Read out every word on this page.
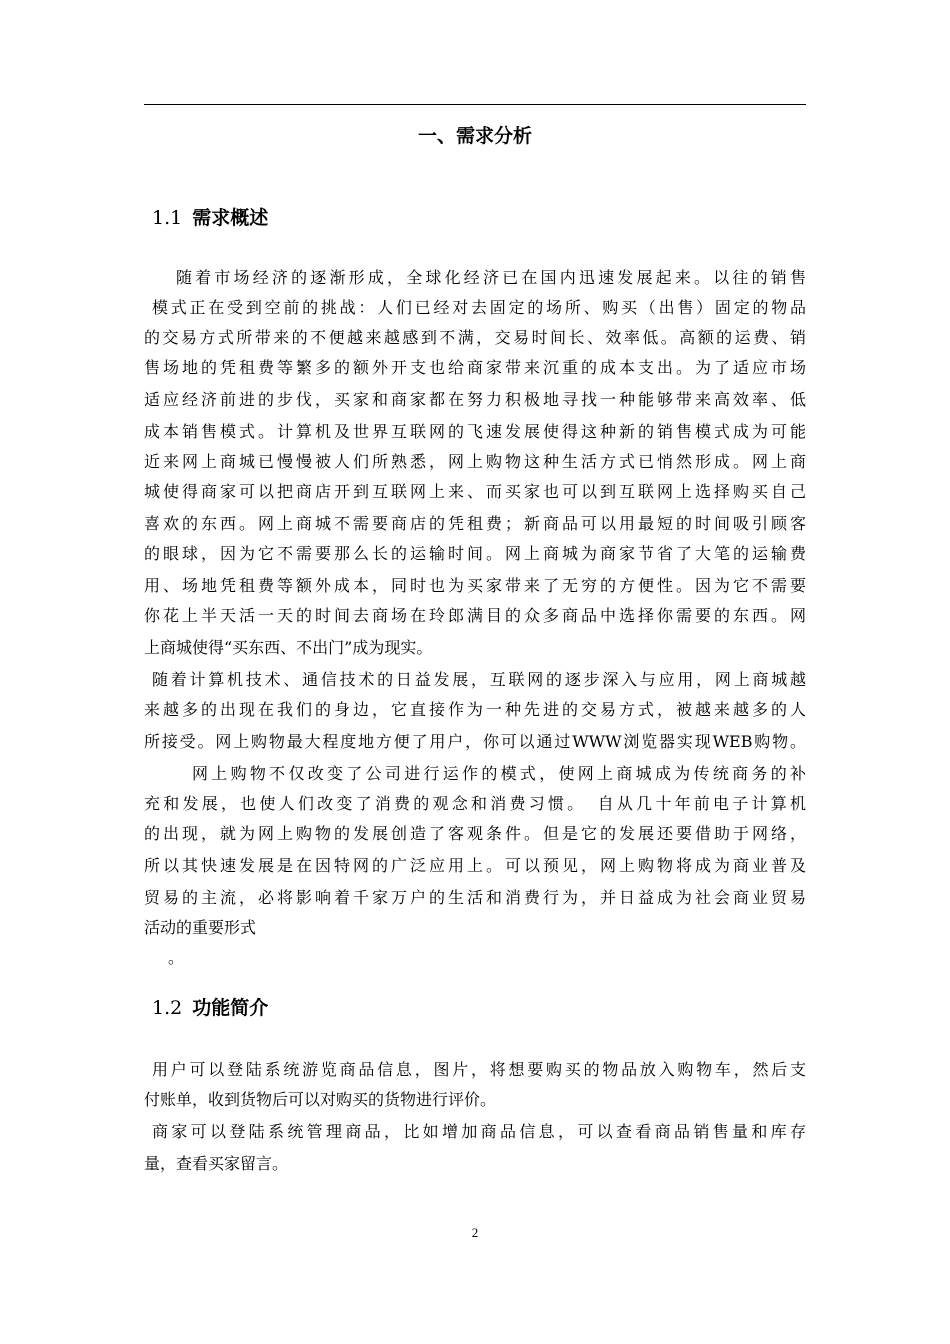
一、需求分析
1.1 需求概述
随着市场经济的逐渐形成，全球化经济已在国内迅速发展起来。以往的销售
模式正在受到空前的挑战：人们已经对去固定的场所、购买（出售）固定的物品
的交易方式所带来的不便越来越感到不满，交易时间长、效率低。高额的运费、销
售场地的凭租费等繁多的额外开支也给商家带来沉重的成本支出。为了适应市场
适应经济前进的步伐，买家和商家都在努力积极地寻找一种能够带来高效率、低
成本销售模式。计算机及世界互联网的飞速发展使得这种新的销售模式成为可能
近来网上商城已慢慢被人们所熟悉，网上购物这种生活方式已悄然形成。网上商
城使得商家可以把商店开到互联网上来、而买家也可以到互联网上选择购买自己
喜欢的东西。网上商城不需要商店的凭租费；新商品可以用最短的时间吸引顾客
的眼球，因为它不需要那么长的运输时间。网上商城为商家节省了大笔的运输费
用、场地凭租费等额外成本，同时也为买家带来了无穷的方便性。因为它不需要
你花上半天活一天的时间去商场在玲郎满目的众多商品中选择你需要的东西。网
上商城使得“买东西、不出门”成为现实。
随着计算机技术、通信技术的日益发展，互联网的逐步深入与应用，网上商城越
来越多的出现在我们的身边，它直接作为一种先进的交易方式，被越来越多的人
所接受。网上购物最大程度地方便了用户，你可以通过WWW浏览器实现WEB购物。
网上购物不仅改变了公司进行运作的模式，使网上商城成为传统商务的补
充和发展，也使人们改变了消费的观念和消费习惯。　自从几十年前电子计算机
的出现，就为网上购物的发展创造了客观条件。但是它的发展还要借助于网络，
所以其快速发展是在因特网的广泛应用上。可以预见，网上购物将成为商业普及
贸易的主流，必将影响着千家万户的生活和消费行为，并日益成为社会商业贸易
活动的重要形式
。
1.2 功能简介
用户可以登陆系统游览商品信息，图片，将想要购买的物品放入购物车，然后支
付账单，收到货物后可以对购买的货物进行评价。
商家可以登陆系统管理商品，比如增加商品信息，可以查看商品销售量和库存
量，查看买家留言。
2
